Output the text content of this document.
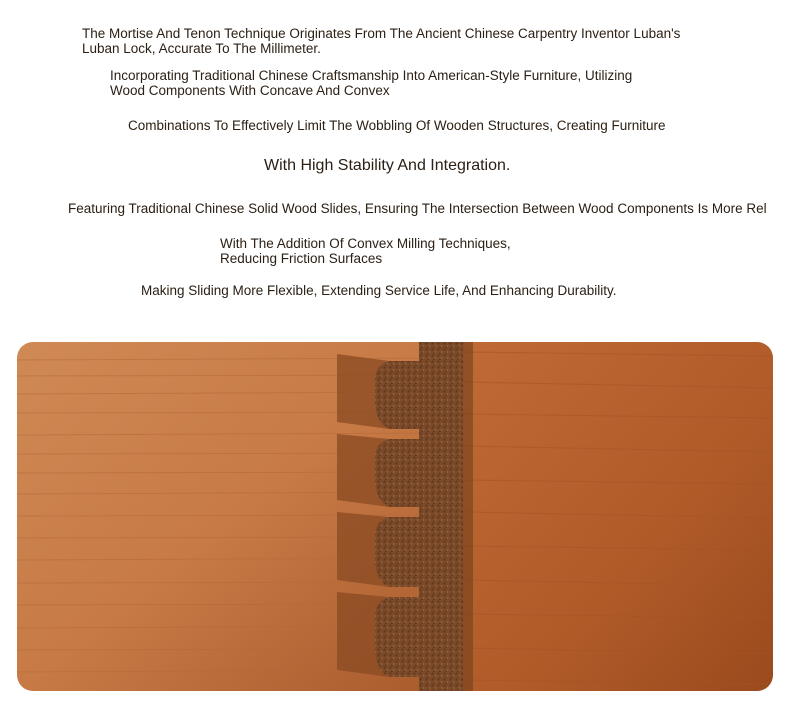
The Mortise And Tenon Technique Originates From The Ancient Chinese Carpentry Inventor Luban's
Luban Lock, Accurate To The Millimeter.

Incorporating Traditional Chinese Craftsmanship Into American-Style Furniture, Utilizing
Wood Components With Concave And Convex

Combinations To Effectively Limit The Wobbling Of Wooden Structures, Creating Furniture

With High Stability And Integration.

Featuring Traditional Chinese Solid Wood Slides, Ensuring The Intersection Between Wood Components Is More Rel

With The Addition Of Convex Milling Techniques,
Reducing Friction Surfaces

Making Sliding More Flexible, Extending Service Life, And Enhancing Durability.
